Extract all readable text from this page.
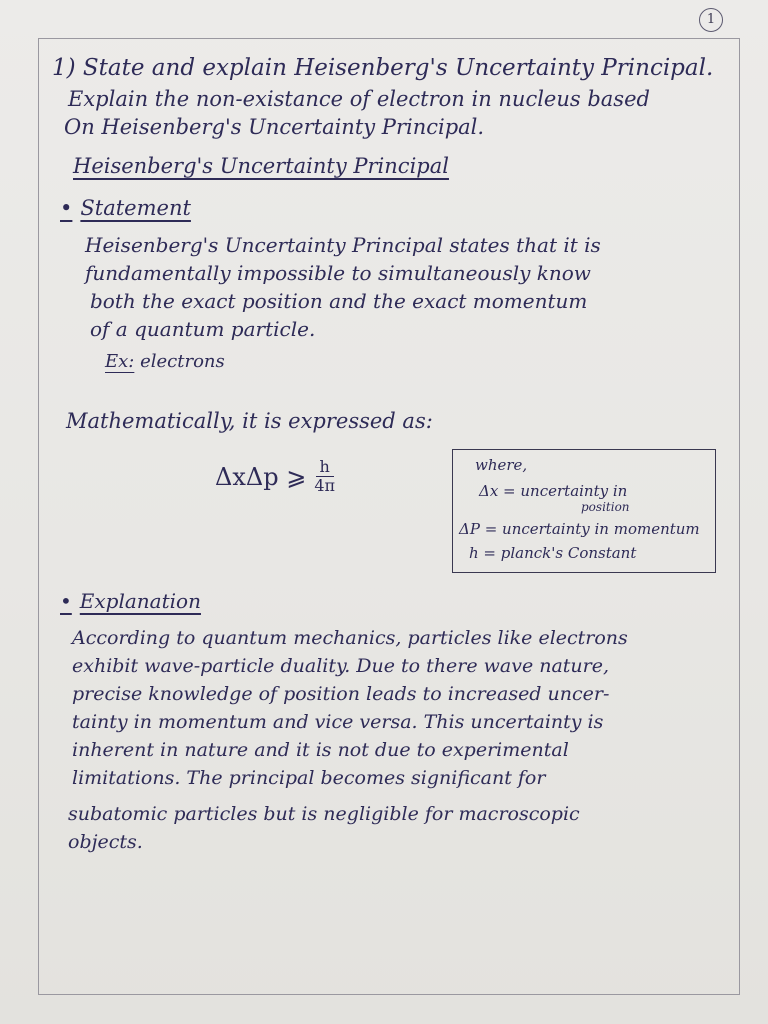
1
1) State and explain Heisenberg's Uncertainty Principal.
Explain the non-existance of electron in nucleus based
On Heisenberg's Uncertainty Principal.
Heisenberg's Uncertainty Principal
• Statement
Heisenberg's Uncertainty Principal states that it is
fundamentally impossible to simultaneously know
both the exact position and the exact momentum
of a quantum particle.
Ex: electrons
Mathematically, it is expressed as:
ΔxΔp ⩾ $\frac{h}{4\pi}$	where,
Δx = uncertainty in
position
ΔP = uncertainty in momentum
h = planck's Constant
• Explanation
According to quantum mechanics, particles like electrons
exhibit wave-particle duality. Due to there wave nature,
precise knowledge of position leads to increased uncer-
tainty in momentum and vice versa. This uncertainty is
inherent in nature and it is not due to experimental
limitations. The principal becomes significant for
subatomic particles but is negligible for macroscopic
objects.
